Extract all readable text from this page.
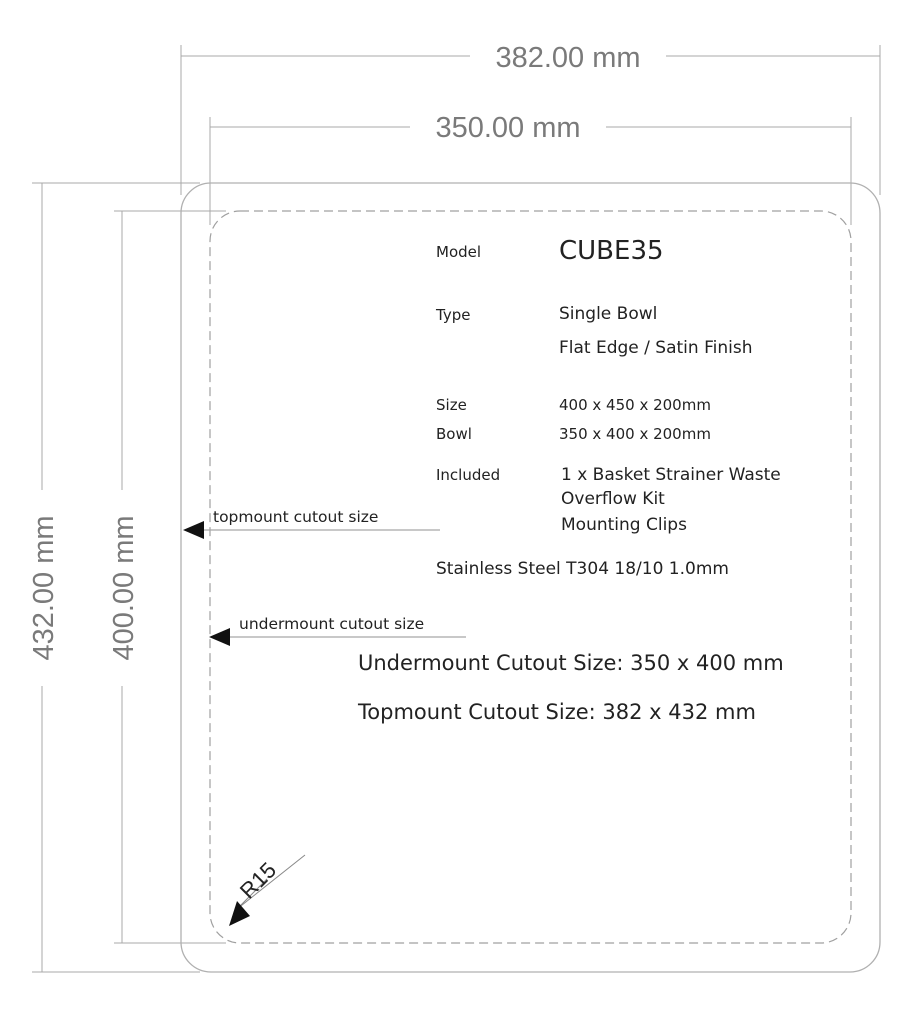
382.00 mm
350.00 mm
432.00 mm 400.00 mm
Model	CUBE35
Type	Single Bowl
Flat Edge / Satin Finish
Size	400 x 450 x 200mm
Bowl	350 x 400 x 200mm
Included	1 x Basket Strainer Waste
Overflow Kit
Mounting Clips
Stainless Steel T304 18/10 1.0mm
topmount cutout size
undermount cutout size
Undermount Cutout Size: 350 x 400 mm
Topmount Cutout Size: 382 x 432 mm
R15
